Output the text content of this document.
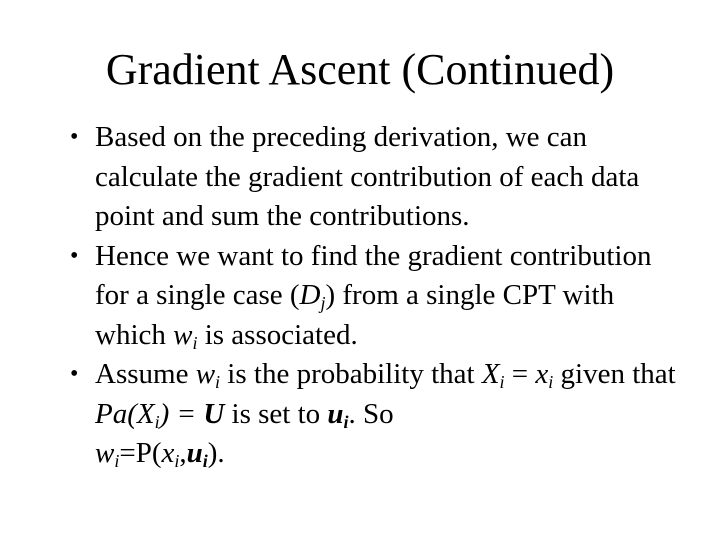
Gradient Ascent (Continued)
• Based on the preceding derivation, we can calculate the gradient contribution of each data point and sum the contributions.
• Hence we want to find the gradient contribution for a single case $(D_j)$ from a single CPT with which $w_i$ is associated.
• Assume $w_i$ is the probability that $X_i = x_i$ given that $Pa(X_i) = U$ is set to $u_i$. So
$w_i=P(x_i,u_i)$.
